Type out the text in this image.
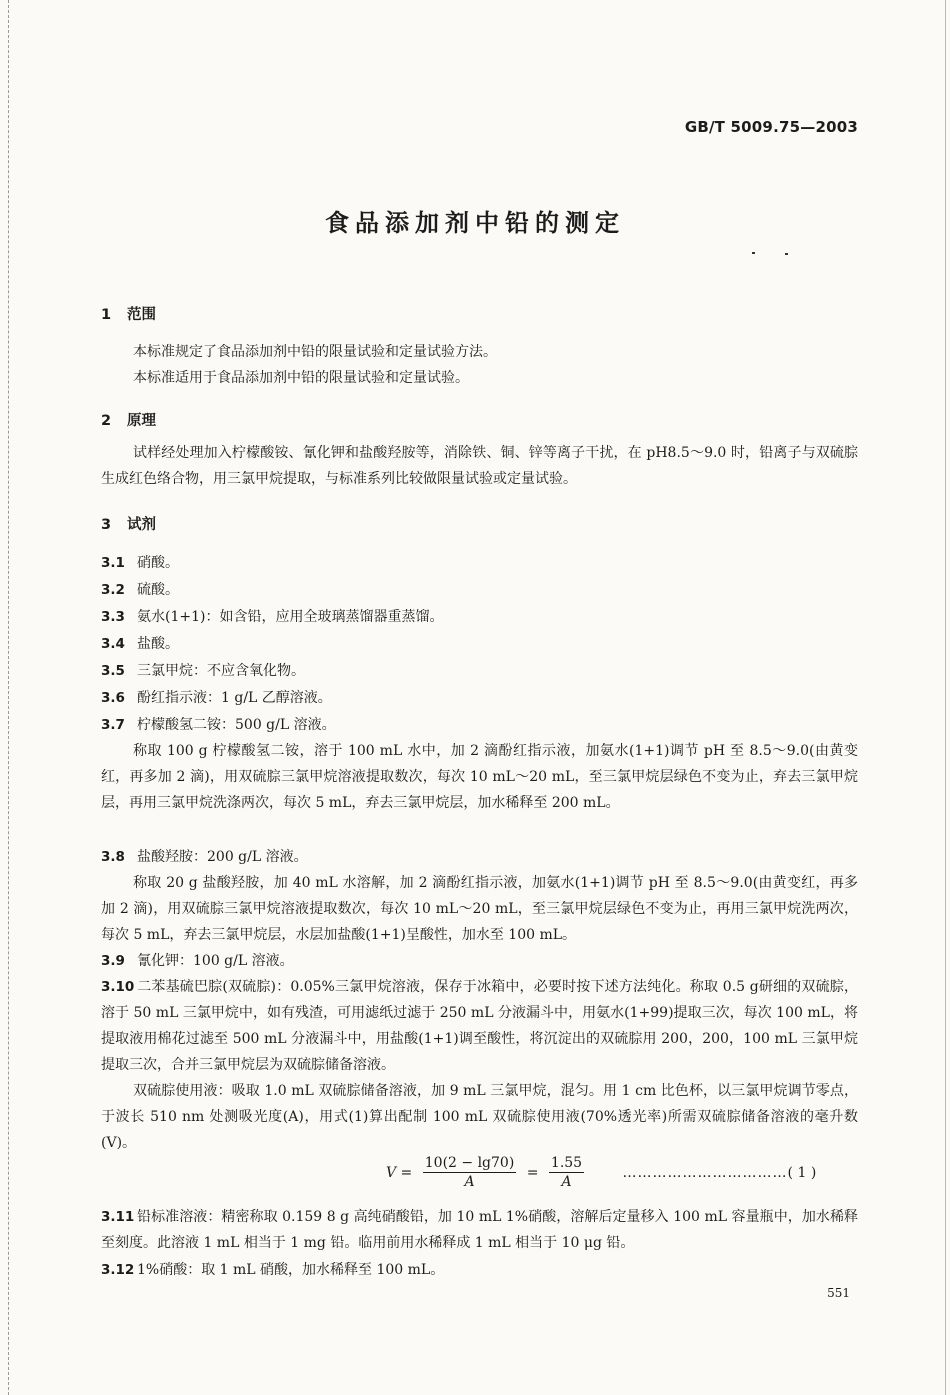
GB/T 5009.75—2003
食品添加剂中铅的测定
1 范围
本标准规定了食品添加剂中铅的限量试验和定量试验方法。
本标准适用于食品添加剂中铅的限量试验和定量试验。
2 原理
试样经处理加入柠檬酸铵、氰化钾和盐酸羟胺等，消除铁、铜、锌等离子干扰，在 pH8.5～9.0 时，铅离子与双硫腙生成红色络合物，用三氯甲烷提取，与标准系列比较做限量试验或定量试验。
3 试剂
3.1 硝酸。
3.2 硫酸。
3.3 氨水(1+1)：如含铅，应用全玻璃蒸馏器重蒸馏。
3.4 盐酸。
3.5 三氯甲烷：不应含氧化物。
3.6 酚红指示液：1 g/L 乙醇溶液。
3.7 柠檬酸氢二铵：500 g/L 溶液。
称取 100 g 柠檬酸氢二铵，溶于 100 mL 水中，加 2 滴酚红指示液，加氨水(1+1)调节 pH 至 8.5～9.0(由黄变红，再多加 2 滴)，用双硫腙三氯甲烷溶液提取数次，每次 10 mL～20 mL，至三氯甲烷层绿色不变为止，弃去三氯甲烷层，再用三氯甲烷洗涤两次，每次 5 mL，弃去三氯甲烷层，加水稀释至 200 mL。
3.8 盐酸羟胺：200 g/L 溶液。
称取 20 g 盐酸羟胺，加 40 mL 水溶解，加 2 滴酚红指示液，加氨水(1+1)调节 pH 至 8.5～9.0(由黄变红，再多加 2 滴)，用双硫腙三氯甲烷溶液提取数次，每次 10 mL～20 mL，至三氯甲烷层绿色不变为止，再用三氯甲烷洗两次，每次 5 mL，弃去三氯甲烷层，水层加盐酸(1+1)呈酸性，加水至 100 mL。
3.9 氰化钾：100 g/L 溶液。
3.10 二苯基硫巴腙(双硫腙)：0.05%三氯甲烷溶液，保存于冰箱中，必要时按下述方法纯化。称取 0.5 g研细的双硫腙，溶于 50 mL 三氯甲烷中，如有残渣，可用滤纸过滤于 250 mL 分液漏斗中，用氨水(1+99)提取三次，每次 100 mL，将提取液用棉花过滤至 500 mL 分液漏斗中，用盐酸(1+1)调至酸性，将沉淀出的双硫腙用 200，200，100 mL 三氯甲烷提取三次，合并三氯甲烷层为双硫腙储备溶液。
双硫腙使用液：吸取 1.0 mL 双硫腙储备溶液，加 9 mL 三氯甲烷，混匀。用 1 cm 比色杯，以三氯甲烷调节零点，于波长 510 nm 处测吸光度(A)，用式(1)算出配制 100 mL 双硫腙使用液(70%透光率)所需双硫腙储备溶液的毫升数(V)。
$V = \frac{10(2 - \lg 70)}{A} = \frac{1.55}{A}$	……………………………( 1 )
3.11 铅标准溶液：精密称取 0.159 8 g 高纯硝酸铅，加 10 mL 1%硝酸，溶解后定量移入 100 mL 容量瓶中，加水稀释至刻度。此溶液 1 mL 相当于 1 mg 铅。临用前用水稀释成 1 mL 相当于 10 μg 铅。
3.12 1%硝酸：取 1 mL 硝酸，加水稀释至 100 mL。
551
